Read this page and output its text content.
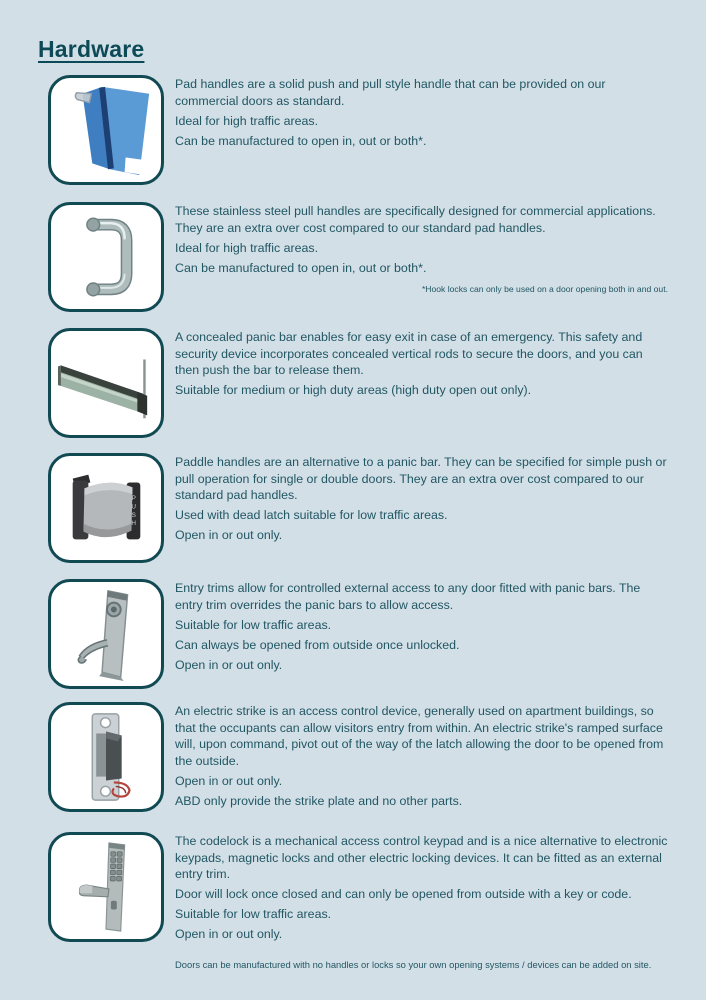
Hardware

Pad handles are a solid push and pull style handle that can be provided on our commercial doors as standard.

Ideal for high traffic areas.

Can be manufactured to open in, out or both*.

These stainless steel pull handles are specifically designed for commercial applications. They are an extra over cost compared to our standard pad handles.

Ideal for high traffic areas.

Can be manufactured to open in, out or both*.

*Hook locks can only be used on a door opening both in and out.

A concealed panic bar enables for easy exit in case of an emergency. This safety and security device incorporates concealed vertical rods to secure the doors, and you can then push the bar to release them.

Suitable for medium or high duty areas (high duty open out only).

P
U
S
H

Paddle handles are an alternative to a panic bar. They can be specified for simple push or pull operation for single or double doors. They are an extra over cost compared to our standard pad handles.

Used with dead latch suitable for low traffic areas.

Open in or out only.

Entry trims allow for controlled external access to any door fitted with panic bars. The entry trim overrides the panic bars to allow access.

Suitable for low traffic areas.

Can always be opened from outside once unlocked.

Open in or out only.

An electric strike is an access control device, generally used on apartment buildings, so that the occupants can allow visitors entry from within. An electric strike's ramped surface will, upon command, pivot out of the way of the latch allowing the door to be opened from the outside.

Open in or out only.

ABD only provide the strike plate and no other parts.

The codelock is a mechanical access control keypad and is a nice alternative to electronic keypads, magnetic locks and other electric locking devices. It can be fitted as an external entry trim.

Door will lock once closed and can only be opened from outside with a key or code.

Suitable for low traffic areas.

Open in or out only.

Doors can be manufactured with no handles or locks so your own opening systems / devices can be added on site.
